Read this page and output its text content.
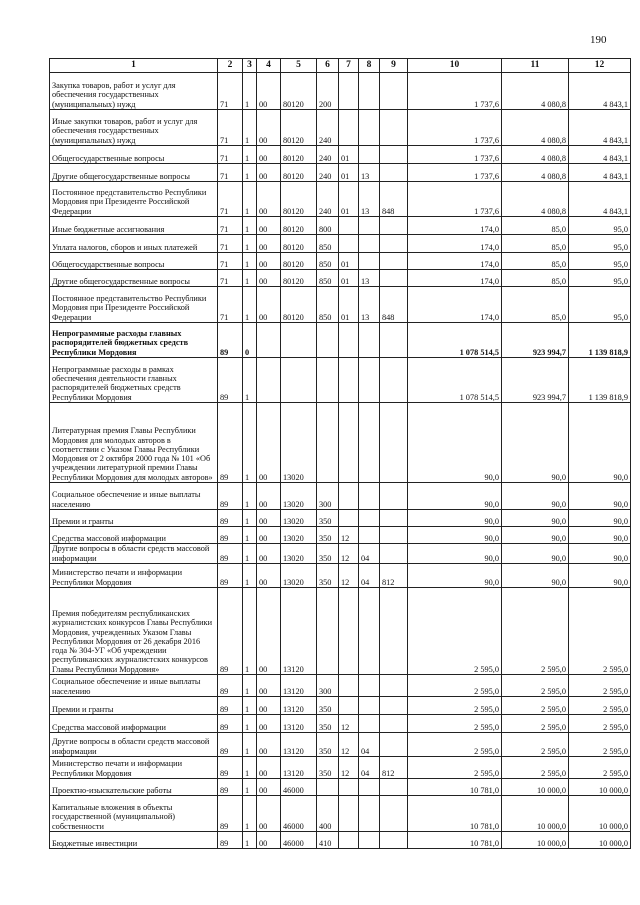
190
1	2	3	4	5	6	7	8	9	10	11	12
Закупка товаров, работ и услуг для обеспечения государственных (муниципальных) нужд	71	1	00	80120	200				1 737,6	4 080,8	4 843,1
Иные закупки товаров, работ и услуг для обеспечения государственных (муниципальных) нужд	71	1	00	80120	240				1 737,6	4 080,8	4 843,1
Общегосударственные вопросы	71	1	00	80120	240	01			1 737,6	4 080,8	4 843,1
Другие общегосударственные вопросы	71	1	00	80120	240	01	13		1 737,6	4 080,8	4 843,1
Постоянное представительство Республики Мордовия при Президенте Российской Федерации	71	1	00	80120	240	01	13	848	1 737,6	4 080,8	4 843,1
Иные бюджетные ассигнования	71	1	00	80120	800				174,0	85,0	95,0
Уплата налогов, сборов и иных платежей	71	1	00	80120	850				174,0	85,0	95,0
Общегосударственные вопросы	71	1	00	80120	850	01			174,0	85,0	95,0
Другие общегосударственные вопросы	71	1	00	80120	850	01	13		174,0	85,0	95,0
Постоянное представительство Республики Мордовия при Президенте Российской Федерации	71	1	00	80120	850	01	13	848	174,0	85,0	95,0
Непрограммные расходы главных распорядителей бюджетных средств Республики Мордовия	89	0							1 078 514,5	923 994,7	1 139 818,9
Непрограммные расходы в рамках обеспечения деятельности главных распорядителей бюджетных средств Республики Мордовия	89	1							1 078 514,5	923 994,7	1 139 818,9
Литературная премия Главы Республики Мордовия для молодых авторов в соответствии с Указом Главы Республики Мордовия от 2 октября 2000 года № 101 «Об учреждении литературной премии Главы Республики Мордовия для молодых авторов»	89	1	00	13020					90,0	90,0	90,0
Социальное обеспечение и иные выплаты населению	89	1	00	13020	300				90,0	90,0	90,0
Премии и гранты	89	1	00	13020	350				90,0	90,0	90,0
Средства массовой информации	89	1	00	13020	350	12			90,0	90,0	90,0
Другие вопросы в области средств массовой информации	89	1	00	13020	350	12	04		90,0	90,0	90,0
Министерство печати и информации Республики Мордовия	89	1	00	13020	350	12	04	812	90,0	90,0	90,0
Премия победителям республиканских журналистских конкурсов Главы Республики Мордовия, учрежденных Указом Главы Республики Мордовия от 26 декабря 2016 года № 304-УГ «Об учреждении республиканских журналистских конкурсов Главы Республики Мордовия»	89	1	00	13120					2 595,0	2 595,0	2 595,0
Социальное обеспечение и иные выплаты населению	89	1	00	13120	300				2 595,0	2 595,0	2 595,0
Премии и гранты	89	1	00	13120	350				2 595,0	2 595,0	2 595,0
Средства массовой информации	89	1	00	13120	350	12			2 595,0	2 595,0	2 595,0
Другие вопросы в области средств массовой информации	89	1	00	13120	350	12	04		2 595,0	2 595,0	2 595,0
Министерство печати и информации Республики Мордовия	89	1	00	13120	350	12	04	812	2 595,0	2 595,0	2 595,0
Проектно-изыскательские работы	89	1	00	46000					10 781,0	10 000,0	10 000,0
Капитальные вложения в объекты государственной (муниципальной) собственности	89	1	00	46000	400				10 781,0	10 000,0	10 000,0
Бюджетные инвестиции	89	1	00	46000	410				10 781,0	10 000,0	10 000,0
